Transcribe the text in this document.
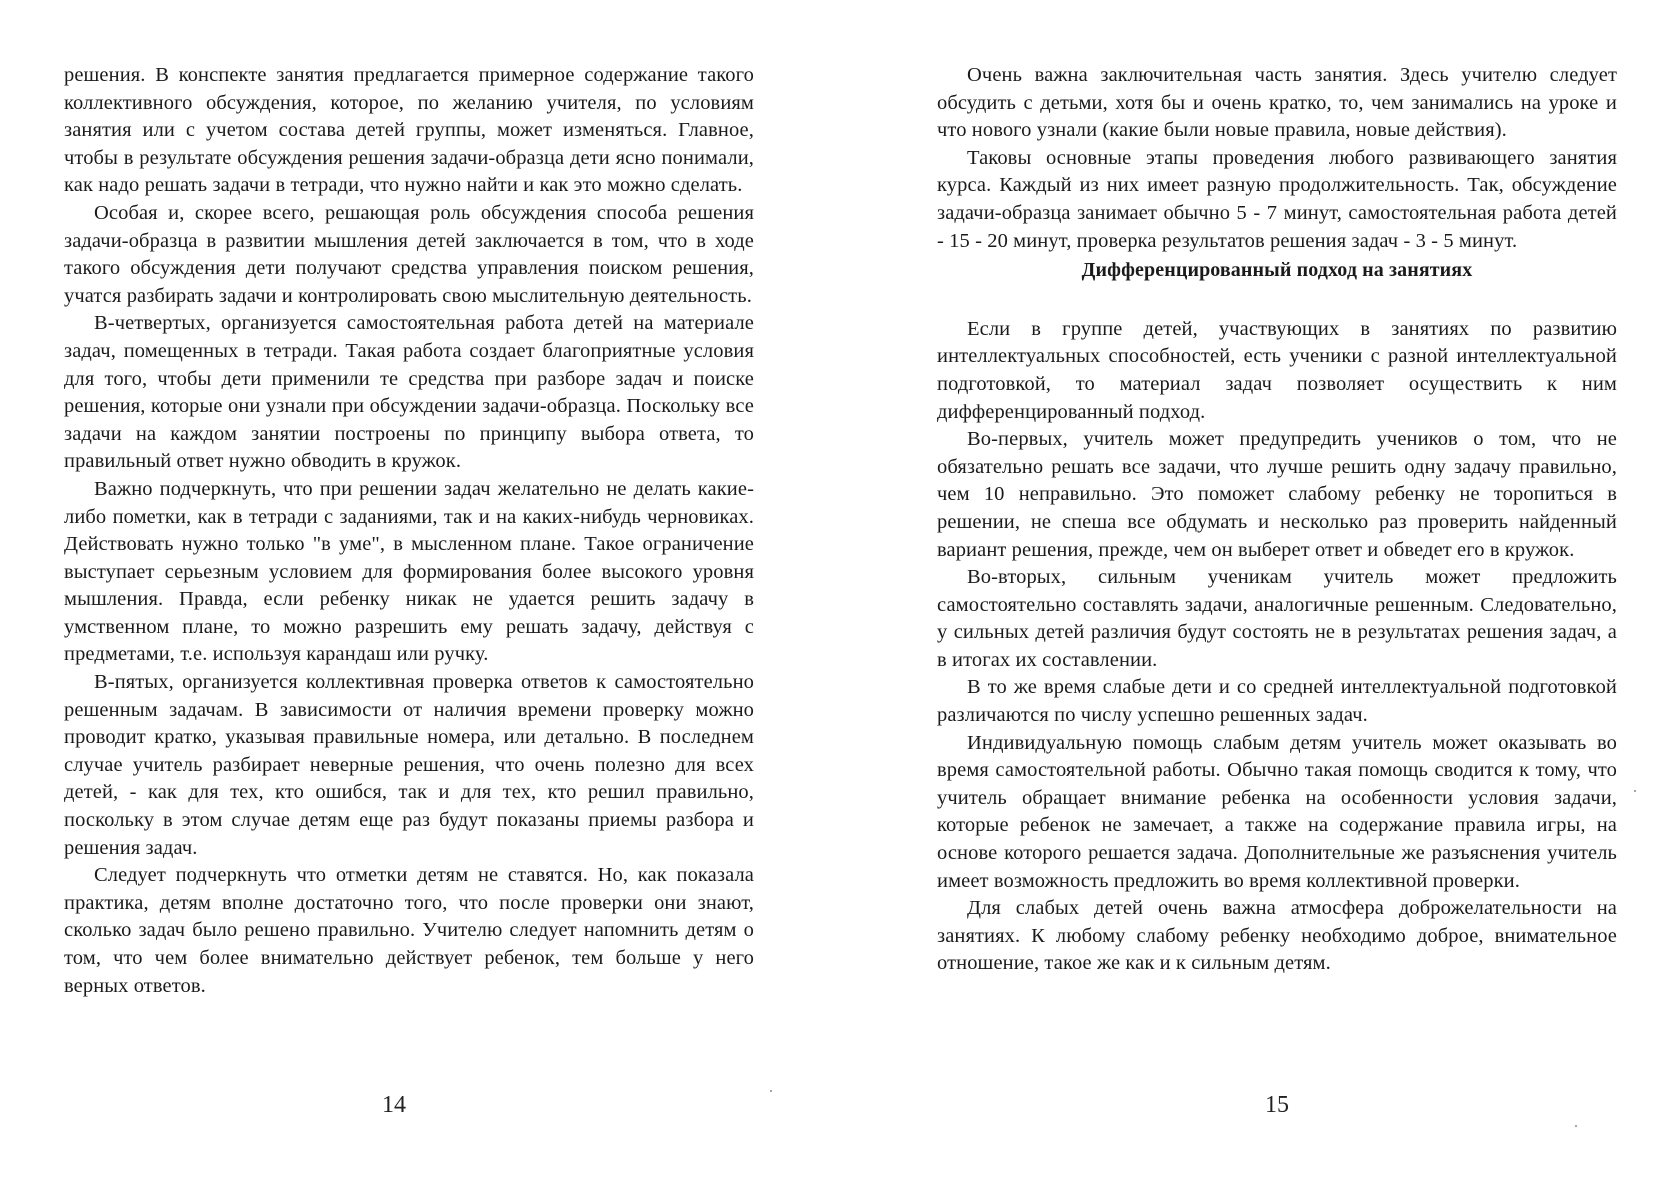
решения. В конспекте занятия предлагается примерное содержание такого коллективного обсуждения, которое, по желанию учителя, по условиям занятия или с учетом состава детей группы, может изменяться. Главное, чтобы в результате обсуждения решения задачи-образца дети ясно понимали, как надо решать задачи в тетради, что нужно найти и как это можно сделать.

Особая и, скорее всего, решающая роль обсуждения способа решения задачи-образца в развитии мышления детей заключается в том, что в ходе такого обсуждения дети получают средства управления поиском решения, учатся разбирать задачи и контролировать свою мыслительную деятельность.

В-четвертых, организуется самостоятельная работа детей на материале задач, помещенных в тетради. Такая работа создает благоприятные условия для того, чтобы дети применили те средства при разборе задач и поиске решения, которые они узнали при обсуждении задачи-образца. Поскольку все задачи на каждом занятии построены по принципу выбора ответа, то правильный ответ нужно обводить в кружок.

Важно подчеркнуть, что при решении задач желательно не делать какие-либо пометки, как в тетради с заданиями, так и на каких-нибудь черновиках. Действовать нужно только "в уме", в мысленном плане. Такое ограничение выступает серьезным условием для формирования более высокого уровня мышления. Правда, если ребенку никак не удается решить задачу в умственном плане, то можно разрешить ему решать задачу, действуя с предметами, т.е. используя карандаш или ручку.

В-пятых, организуется коллективная проверка ответов к самостоятельно решенным задачам. В зависимости от наличия времени проверку можно проводит кратко, указывая правильные номера, или детально. В последнем случае учитель разбирает неверные решения, что очень полезно для всех детей, - как для тех, кто ошибся, так и для тех, кто решил правильно, поскольку в этом случае детям еще раз будут показаны приемы разбора и решения задач.

Следует подчеркнуть что отметки детям не ставятся. Но, как показала практика, детям вполне достаточно того, что после проверки они знают, сколько задач было решено правильно. Учителю следует напомнить детям о том, что чем более внимательно действует ребенок, тем больше у него верных ответов.

Очень важна заключительная часть занятия. Здесь учителю следует обсудить с детьми, хотя бы и очень кратко, то, чем занимались на уроке и что нового узнали (какие были новые правила, новые действия).

Таковы основные этапы проведения любого развивающего занятия курса. Каждый из них имеет разную продолжительность. Так, обсуждение задачи-образца занимает обычно 5 - 7 минут, самостоятельная работа детей - 15 - 20 минут, проверка результатов решения задач - 3 - 5 минут.

Дифференцированный подход на занятиях

Если в группе детей, участвующих в занятиях по развитию интеллектуальных способностей, есть ученики с разной интеллектуальной подготовкой, то материал задач позволяет осуществить к ним дифференцированный подход.

Во-первых, учитель может предупредить учеников о том, что не обязательно решать все задачи, что лучше решить одну задачу правильно, чем 10 неправильно. Это поможет слабому ребенку не торопиться в решении, не спеша все обдумать и несколько раз проверить найденный вариант решения, прежде, чем он выберет ответ и обведет его в кружок.

Во-вторых, сильным ученикам учитель может предложить самостоятельно составлять задачи, аналогичные решенным. Следовательно, у сильных детей различия будут состоять не в результатах решения задач, а в итогах их составлении.

В то же время слабые дети и со средней интеллектуальной подготовкой различаются по числу успешно решенных задач.

Индивидуальную помощь слабым детям учитель может оказывать во время самостоятельной работы. Обычно такая помощь сводится к тому, что учитель обращает внимание ребенка на особенности условия задачи, которые ребенок не замечает, а также на содержание правила игры, на основе которого решается задача. Дополнительные же разъяснения учитель имеет возможность предложить во время коллективной проверки.

Для слабых детей очень важна атмосфера доброжелательности на занятиях. К любому слабому ребенку необходимо доброе, внимательное отношение, такое же как и к сильным детям.

14	15
